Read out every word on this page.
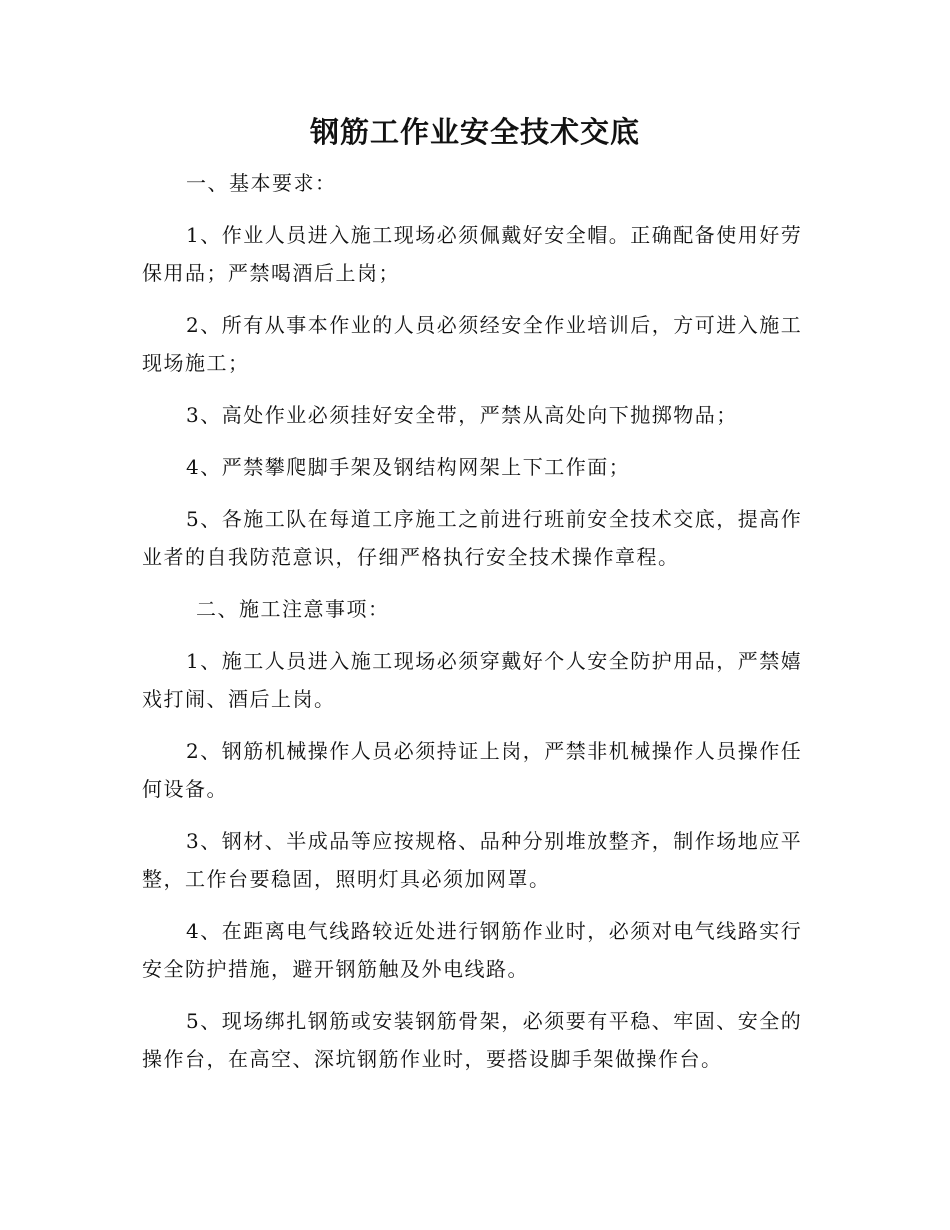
钢筋工作业安全技术交底

一、基本要求：

1、作业人员进入施工现场必须佩戴好安全帽。正确配备使用好劳

保用品；严禁喝酒后上岗；

2、所有从事本作业的人员必须经安全作业培训后，方可进入施工

现场施工；

3、高处作业必须挂好安全带，严禁从高处向下抛掷物品；

4、严禁攀爬脚手架及钢结构网架上下工作面；

5、各施工队在每道工序施工之前进行班前安全技术交底，提高作

业者的自我防范意识，仔细严格执行安全技术操作章程。

二、施工注意事项：

1、施工人员进入施工现场必须穿戴好个人安全防护用品，严禁嬉

戏打闹、酒后上岗。

2、钢筋机械操作人员必须持证上岗，严禁非机械操作人员操作任

何设备。

3、钢材、半成品等应按规格、品种分别堆放整齐，制作场地应平

整，工作台要稳固，照明灯具必须加网罩。

4、在距离电气线路较近处进行钢筋作业时，必须对电气线路实行

安全防护措施，避开钢筋触及外电线路。

5、现场绑扎钢筋或安装钢筋骨架，必须要有平稳、牢固、安全的

操作台，在高空、深坑钢筋作业时，要搭设脚手架做操作台。
